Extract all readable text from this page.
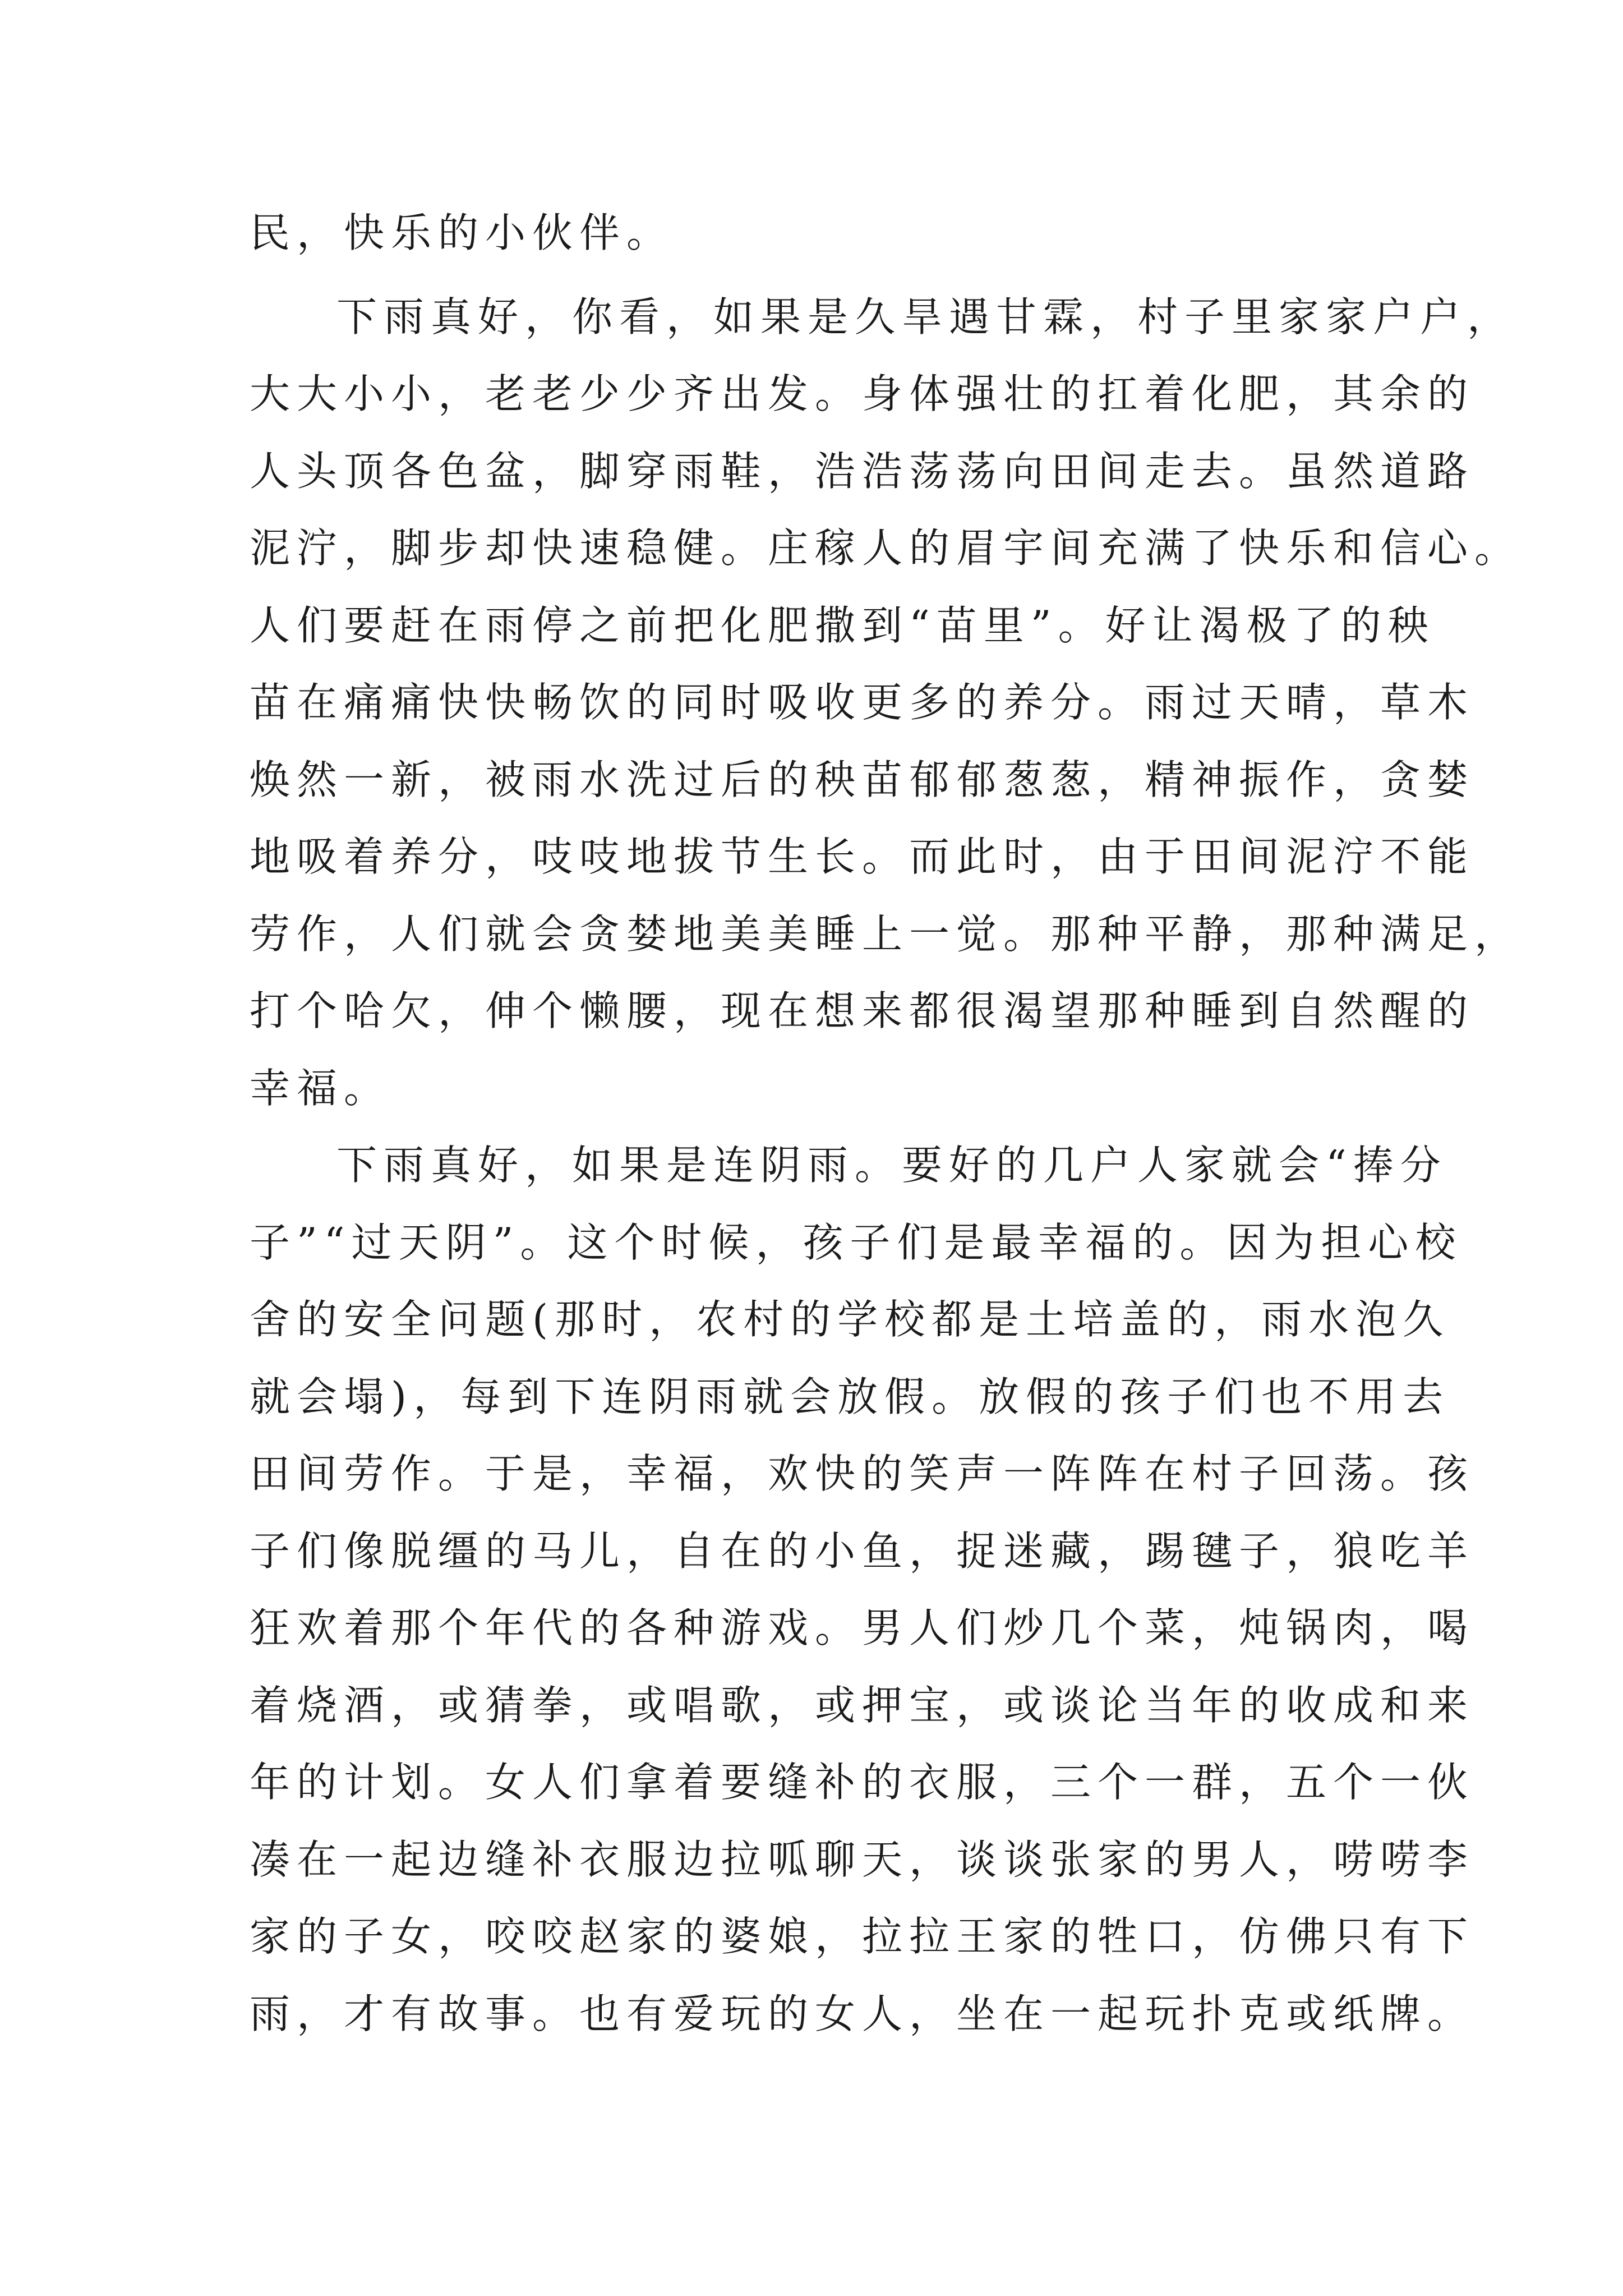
民，快乐的小伙伴。

下雨真好，你看，如果是久旱遇甘霖，村子里家家户户，

大大小小，老老少少齐出发。身体强壮的扛着化肥，其余的

人头顶各色盆，脚穿雨鞋，浩浩荡荡向田间走去。虽然道路

泥泞，脚步却快速稳健。庄稼人的眉宇间充满了快乐和信心。

人们要赶在雨停之前把化肥撒到“苗里”。好让渴极了的秧

苗在痛痛快快畅饮的同时吸收更多的养分。雨过天晴，草木

焕然一新，被雨水洗过后的秧苗郁郁葱葱，精神振作，贪婪

地吸着养分，吱吱地拔节生长。而此时，由于田间泥泞不能

劳作，人们就会贪婪地美美睡上一觉。那种平静，那种满足，

打个哈欠，伸个懒腰，现在想来都很渴望那种睡到自然醒的

幸福。

下雨真好，如果是连阴雨。要好的几户人家就会“捧分

子”“过天阴”。这个时候，孩子们是最幸福的。因为担心校

舍的安全问题(那时，农村的学校都是土培盖的，雨水泡久

就会塌)，每到下连阴雨就会放假。放假的孩子们也不用去

田间劳作。于是，幸福，欢快的笑声一阵阵在村子回荡。孩

子们像脱缰的马儿，自在的小鱼，捉迷藏，踢毽子，狼吃羊

狂欢着那个年代的各种游戏。男人们炒几个菜，炖锅肉，喝

着烧酒，或猜拳，或唱歌，或押宝，或谈论当年的收成和来

年的计划。女人们拿着要缝补的衣服，三个一群，五个一伙

凑在一起边缝补衣服边拉呱聊天，谈谈张家的男人，唠唠李

家的子女，咬咬赵家的婆娘，拉拉王家的牲口，仿佛只有下

雨，才有故事。也有爱玩的女人，坐在一起玩扑克或纸牌。
